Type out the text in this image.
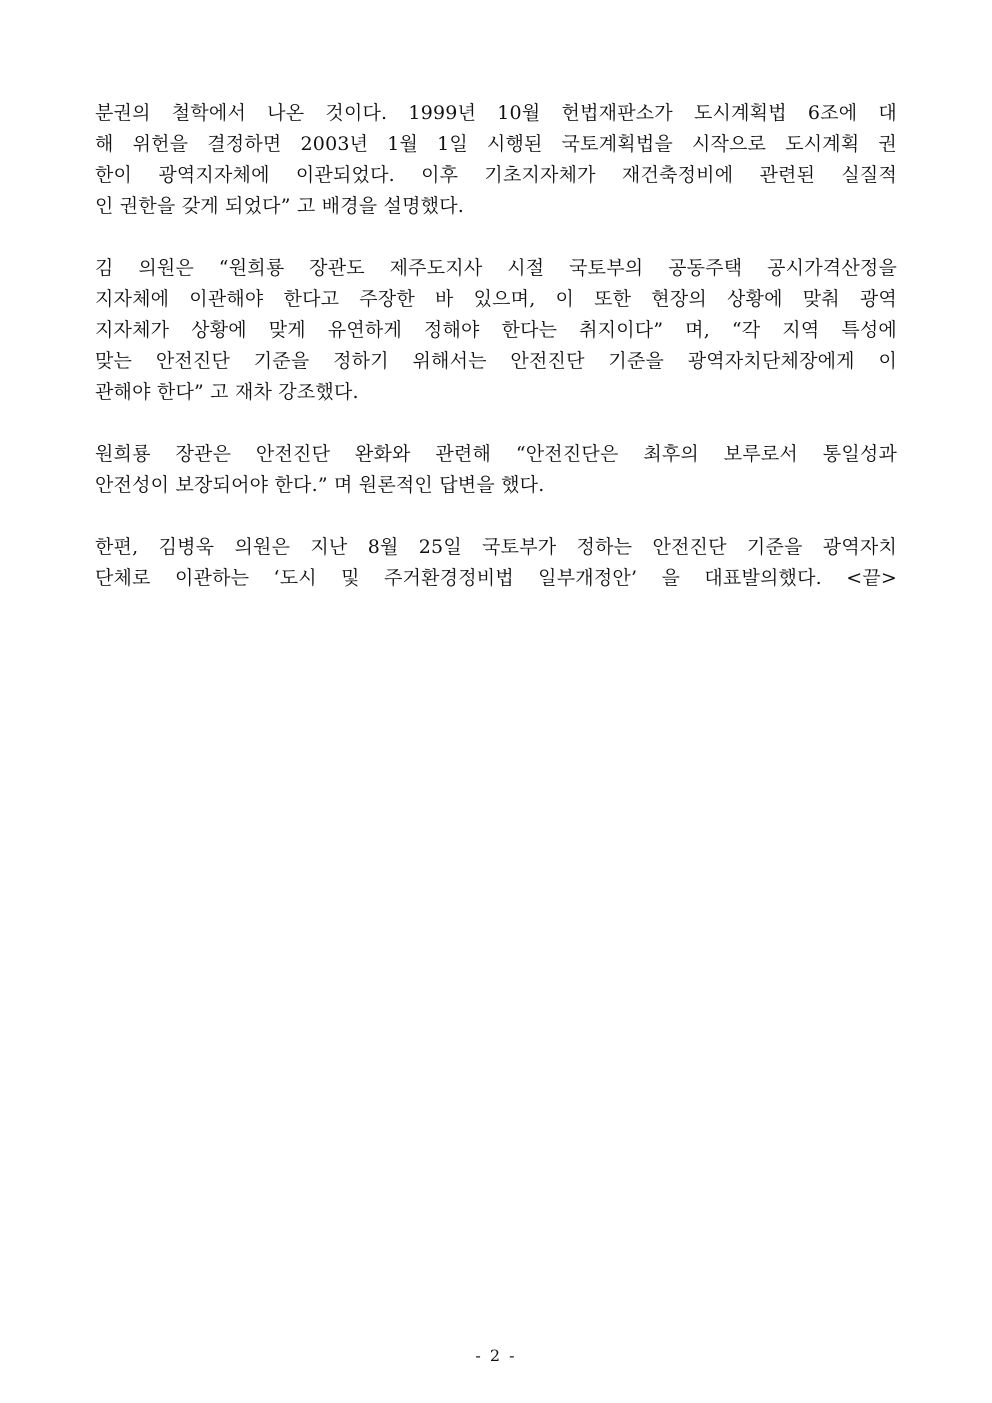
분권의 철학에서 나온 것이다. 1999년 10월 헌법재판소가 도시계획법 6조에 대
해 위헌을 결정하면 2003년 1월 1일 시행된 국토계획법을 시작으로 도시계획 권
한이 광역지자체에 이관되었다. 이후 기초지자체가 재건축정비에 관련된 실질적
인 권한을 갖게 되었다” 고 배경을 설명했다.

김 의원은 “원희룡 장관도 제주도지사 시절 국토부의 공동주택 공시가격산정을
지자체에 이관해야 한다고 주장한 바 있으며, 이 또한 현장의 상황에 맞춰 광역
지자체가 상황에 맞게 유연하게 정해야 한다는 취지이다” 며, “각 지역 특성에
맞는 안전진단 기준을 정하기 위해서는 안전진단 기준을 광역자치단체장에게 이
관해야 한다” 고 재차 강조했다.

원희룡 장관은 안전진단 완화와 관련해 “안전진단은 최후의 보루로서 통일성과
안전성이 보장되어야 한다.” 며 원론적인 답변을 했다.

한편, 김병욱 의원은 지난 8월 25일 국토부가 정하는 안전진단 기준을 광역자치
단체로 이관하는 ‘도시 및 주거환경정비법 일부개정안’ 을 대표발의했다. <끝>

- 2 -
